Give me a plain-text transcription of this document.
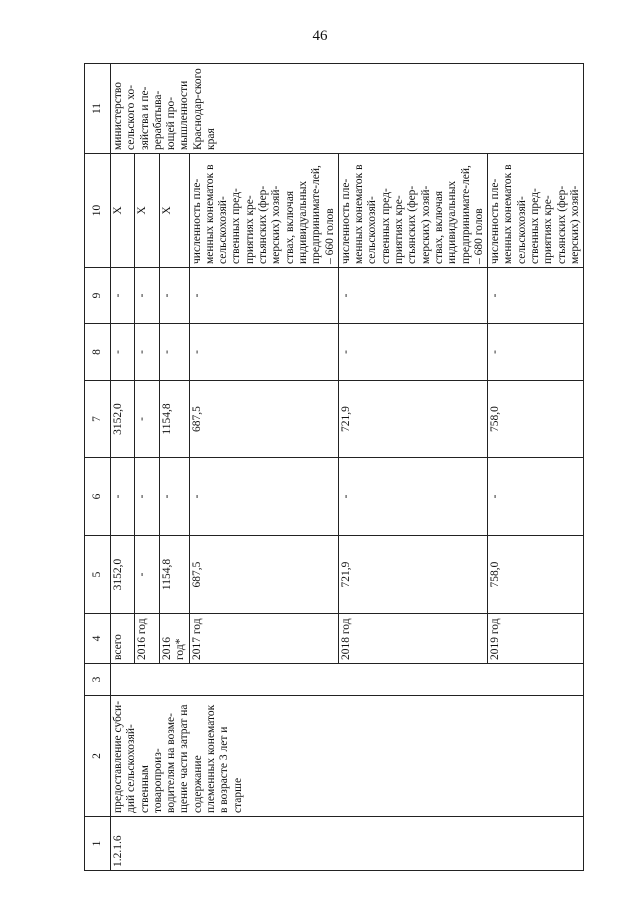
46
1	2	3	4	5	6	7	8	9	10	11
1.2.1.6	предоставление субси-дий сельскохозяй-ственным товаропроиз-водителям на возме-щение части затрат на содержание племенных конематок в возрасте 3 лет и старше		всего	3152,0	-	3152,0	-	-	Х	министерство сельского хо-зяйства и пе-рерабатыва-ющей про-мышленности Краснодар-ского края
			2016 год	-	-	-	-	-	Х	
			2016 год*	1154,8	-	1154,8	-	-	Х	
			2017 год	687,5	-	687,5	-	-	численность пле-менных конематок в сельскохозяй-ственных пред-приятиях кре-стьянских (фер-мерских) хозяй-ствах, включая индивидуальных предпринимате-лей, – 660 голов	
			2018 год	721,9	-	721,9	-	-	численность пле-менных конематок в сельскохозяй-ственных пред-приятиях кре-стьянских (фер-мерских) хозяй-ствах, включая индивидуальных предпринимате-лей, – 680 голов	
			2019 год	758,0	-	758,0	-	-	численность пле-менных конематок в сельскохозяй-ственных пред-приятиях кре-стьянских (фер-мерских) хозяй-	
